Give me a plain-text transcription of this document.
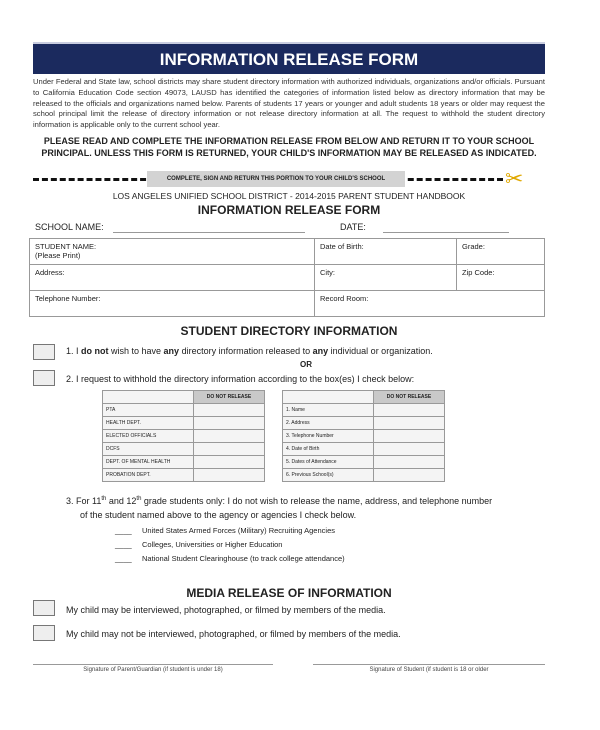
INFORMATION RELEASE FORM
Under Federal and State law, school districts may share student directory information with authorized individuals, organizations and/or officials. Pursuant to California Education Code section 49073, LAUSD has identified the categories of information listed below as directory information that may be released to the officials and organizations named below. Parents of students 17 years or younger and adult students 18 years or older may request the school principal limit the release of directory information or not release directory information at all. The request to withhold the student directory information is applicable only to the current school year.
PLEASE READ AND COMPLETE THE INFORMATION RELEASE FROM BELOW AND RETURN IT TO YOUR SCHOOL PRINCIPAL. UNLESS THIS FORM IS RETURNED, YOUR CHILD'S INFORMATION MAY BE RELEASED AS INDICATED.
COMPLETE, SIGN AND RETURN THIS PORTION TO YOUR CHILD'S SCHOOL	✂
LOS ANGELES UNIFIED SCHOOL DISTRICT - 2014-2015 PARENT STUDENT HANDBOOK
INFORMATION RELEASE FORM
SCHOOL NAME:	DATE:
STUDENT NAME:
(Please Print)	Date of Birth:	Grade:
Address:	City:	Zip Code:
Telephone Number:	Record Room:	
STUDENT DIRECTORY INFORMATION
1. I do not wish to have any directory information released to any individual or organization.
OR
2. I request to withhold the directory information according to the box(es) I check below:
	DO NOT RELEASE
PTA	
HEALTH DEPT.	
ELECTED OFFICIALS	
DCFS	
DEPT. OF MENTAL HEALTH	
PROBATION DEPT.	
	DO NOT RELEASE
1. Name	
2. Address	
3. Telephone Number	
4. Date of Birth	
5. Dates of Attendance	
6. Previous School(s)	
3. For 11th and 12th grade students only: I do not wish to release the name, address, and telephone number
of the student named above to the agency or agencies I check below.
____ United States Armed Forces (Military) Recruiting Agencies
____ Colleges, Universities or Higher Education
____ National Student Clearinghouse (to track college attendance)
MEDIA RELEASE OF INFORMATION
My child may be interviewed, photographed, or filmed by members of the media.
My child may not be interviewed, photographed, or filmed by members of the media.
Signature of Parent/Guardian (if student is under 18)	Signature of Student (if student is 18 or older
